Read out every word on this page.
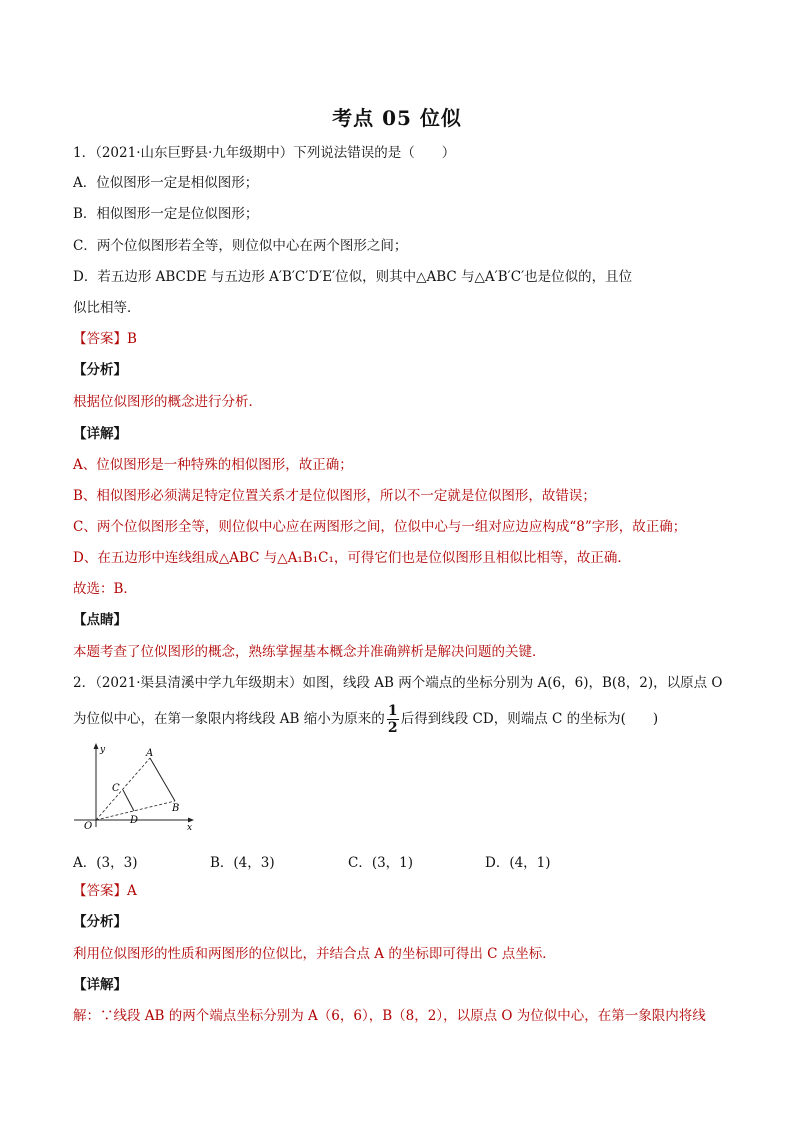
考点 05 位似
1．（2021·山东巨野县·九年级期中）下列说法错误的是（　　）
A．位似图形一定是相似图形；
B．相似图形一定是位似图形；
C．两个位似图形若全等，则位似中心在两个图形之间；
D．若五边形 ABCDE 与五边形 A′B′C′D′E′位似，则其中△ABC 与△A′B′C′也是位似的，且位
似比相等．
【答案】B
【分析】
根据位似图形的概念进行分析．
【详解】
A、位似图形是一种特殊的相似图形，故正确；
B、相似图形必须满足特定位置关系才是位似图形，所以不一定就是位似图形，故错误；
C、两个位似图形全等，则位似中心应在两图形之间，位似中心与一组对应边应构成“8”字形，故正确；
D、在五边形中连线组成△ABC 与△A₁B₁C₁，可得它们也是位似图形且相似比相等，故正确．
故选：B．
【点睛】
本题考查了位似图形的概念，熟练掌握基本概念并准确辨析是解决问题的关键．
2．（2021·渠县清溪中学九年级期末）如图，线段 AB 两个端点的坐标分别为 A(6，6)，B(8，2)，以原点 O
为位似中心，在第一象限内将线段 AB 缩小为原来的 $\frac{1}{2}$ 后得到线段 CD，则端点 C 的坐标为(　　)
y
x
O
A
B
C
D
A．(3，3)	B．(4，3)	C．(3，1)	D．(4，1)
【答案】A
【分析】
利用位似图形的性质和两图形的位似比，并结合点 A 的坐标即可得出 C 点坐标．
【详解】
解：∵线段 AB 的两个端点坐标分别为 A（6，6），B（8，2），以原点 O 为位似中心，在第一象限内将线
